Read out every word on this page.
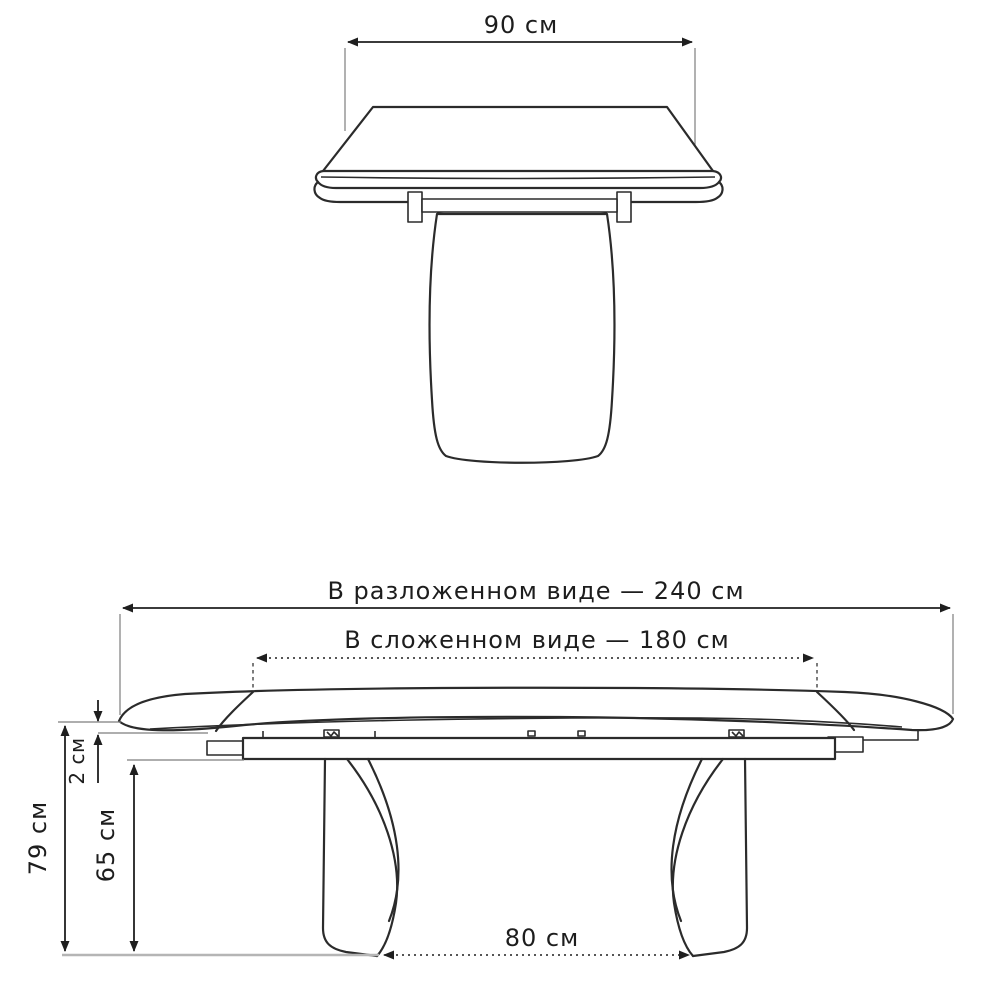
90 см
В разложенном виде — 240 см
В сложенном виде — 180 см
2 см
79 см 65 см
80 см
